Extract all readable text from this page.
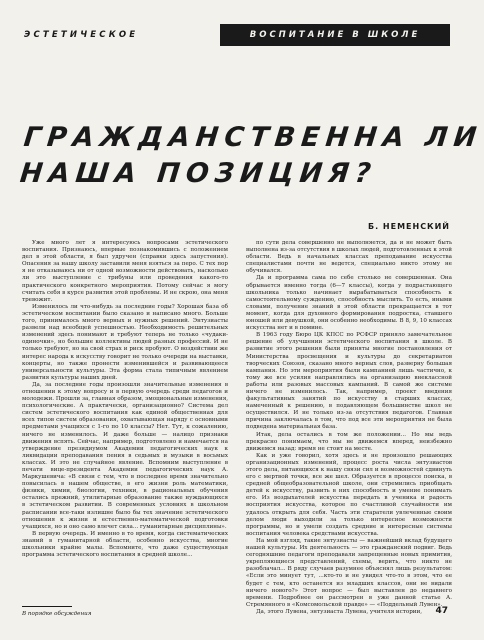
ЭСТЕТИЧЕСКОЕ	ВОСПИТАНИЕ В ШКОЛЕ
ГРАЖДАНСТВЕННА ЛИ
НАША ПОЗИЦИЯ?
Б. НЕМЕНСКИЙ

Уже много лет я интересуюсь вопросами эстетического воспитания. Признаюсь, впервые познакомившись с положением дел в этой области, я был удручен (справки здесь запустения). Опасения за нашу школу заставили меня взяться за перо. С тех пор я не отказываюсь ни от одной возможности действовать, насколько ли это выступление с трибуны или проведения какого-то практического конкретного мероприятия. Потому сейчас я могу считать себя в курсе развития этой проблемы. И не скрою, она меня тревожит.

Изменилось ли что-нибудь за последние годы? Хорошая база об эстетическом воспитании было сказано и написано много. Больше того, принималось много верных и нужных решений. Энтузиасты развели над всеобщей успешностью. Необходимость решительных изменений здесь понимают и требуют теперь не только «чудаки-одиночки», но большие коллективы людей разных профессий. И не только требуют, но на свой страх и риск пробуют. О воздействии же интерес народа к искусству говорит не только очереди на выставки, концерты, но также пронести изменившейся и развивающееся универсальности культуры. Эта форма стала типичным явлением развития культуры наших дней.

Да, за последние годы произошли значительные изменения в отношении к этому вопросу и в первую очередь среди педагогов и молодежи. Прошли за, главная образом, эмоциональные изменения, психологические. А практически, организационно? Система дел систем эстетического воспитания как единой общественная для всех типов систем образования, охватывающая наряду с основными предметами учащихся с 1-го по 10 классы? Нет. Тут, к сожалению, ничего не изменилось. И даже больше — налицо признаки движения вспять. Сейчас, например, подготовлено и намечается на утверждение президиумом Академии педагогических наук к ликвидации преподавания пения в седьмых и музыки в восьмых классах. И это не случайное явление. Вспомним выступление в печати вице-президента Академии педагогических наук А. Маркушевича: «В связи с тем, что в последнее время значительно повысилась в нашем обществе, в его жизни роль математики, физики, химии, биологии, техники, в рациональных обучения остались прежний, утилитарные образование также нуждающихся в эстетическом развитии. В современных условиях в школьном расписании все-таки излишне было бы тех значение эстетического отношения к жизни и естественно-математической подготовки учащихся, но и оно само влечет сила... гуманитарные дисциплины».

В первую очередь. И именно в то время, когда систематических знаний в гуманитарной области, особенно искусства, многие школьники крайне малы. Вспомните, что даже существующая программа эстетического воспитания в средней школе...

по сути дела совершенно не выполняется, да и не может быть выполнена из-за отсутствия в школах людей, подготовленных к этой области. Ведь в начальных классах преподавание искусства специалистами почти не ведется, специально никто этому не обучивался.

Да и программа сама по себе столько не совершенная. Она обрывается именно тогда (6—7 классы), когда у подрастающего школьника только начинает вырабатываться способность к самостоятельному суждению, способность мыслить. То есть, иными словами, получение знаний в этой области прекращается в тот момент, когда для духовного формирования подростка, ставшего юношей или девушкой, они особенно необходимы. В 8, 9, 10 классах искусства нет и в помине.

В 1963 году Бюро ЦК КПСС по РСФСР приняло замечательное решение об улучшении эстетического воспитания в школе. В развитие этого решения были приняты многие постановления от Министерства просвещения и культуры до секретариатов творческих Союзов, сказано много верных слов, разверну большая кампания. Но эти мероприятия были кампанией лишь частично, к тому же все усилия направлялись на организацию внеклассной работы или разовых массовых кампаний. В самой же системе ничего не изменилось. Так, например, проект введения факультативных занятий по искусству в старших классах, намеченный к решению, в подавляющем большинстве школ не осуществился. И не только из-за отсутствия педагогов. Главная причина заключалась в том, что под все эти мероприятия не была подведена материальная база.

Итак, дела остались в том же положении... Но мы ведь прекрасно понимаем, что мы не движемся вперед, неизбежно движемся назад: время не стоит на месте.

Как и уже говорил, хотя здесь и не произошло решающих организационных изменений, процесс роста числа энтузиастов этого дела, питающихся к нашу связи сил и возможностей сдвинуть его с мертвой точки, все же шел. Образуется в процессе поиска, в средней общеобразовательной школе, они стремились приобщать детей к искусству, развить в них способность и умение понимать его. Из воздыхателей искусства передать в ученика и радость восприятия искусства, которое по счастливой случайности им удалось открыть для себя. Часть эти старатели увлеченные своим делом люди выходили за только интересное возможности программы, но и умели создать средние и интересные системы воспитания человека средствами искусства.

На мой взгляд, такие энтузиасты — важнейший вклад будущего нашей культуры. Их деятельность — это гражданский подвиг. Ведь сегодняшние педагоги преподавали запрещенные новых примитив, укрепляющиеся представлений, схемы, верить, что никто не разоблачал... В ряду случаев разумнее объяснял лишь результатом: «Если это минует тут, ...кто-то и не увидел что-то в этом, что ее будет с тем, кто останется из младших классов, они не видали ничего нового?» Этот вопрос — был выставлен до недавнего времени. Подробнее он рассмотрен в уже данной статье А. Стремянного в «Комсомольской правде» — «Поддельный Лувен».

Да, этого Лувена, энтузиаста Лувена, учителя истории,

В порядке обсуждения	47
